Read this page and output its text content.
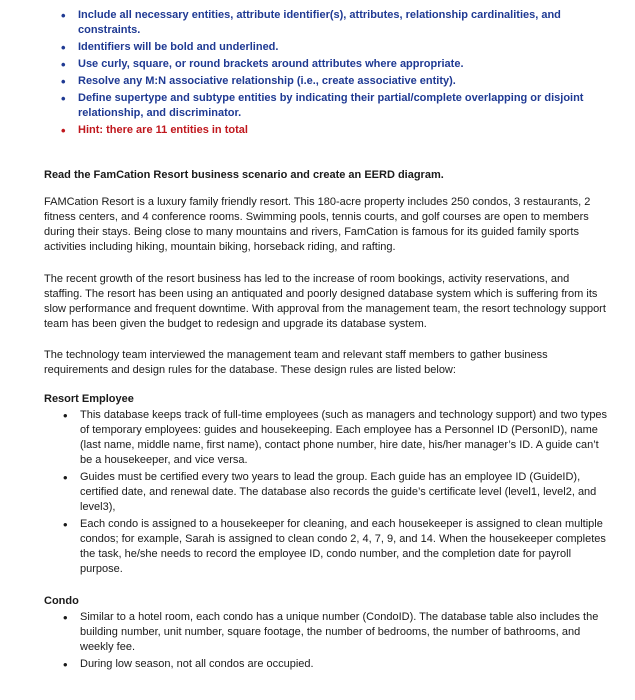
• Include all necessary entities, attribute identifier(s), attributes, relationship cardinalities, and constraints.
• Identifiers will be bold and underlined.
• Use curly, square, or round brackets around attributes where appropriate.
• Resolve any M:N associative relationship (i.e., create associative entity).
• Define supertype and subtype entities by indicating their partial/complete overlapping or disjoint relationship, and discriminator.
• Hint: there are 11 entities in total
Read the FamCation Resort business scenario and create an EERD diagram.
FAMCation Resort is a luxury family friendly resort. This 180-acre property includes 250 condos, 3 restaurants, 2 fitness centers, and 4 conference rooms. Swimming pools, tennis courts, and golf courses are open to members during their stays. Being close to many mountains and rivers, FamCation is famous for its guided family sports activities including hiking, mountain biking, horseback riding, and rafting.
The recent growth of the resort business has led to the increase of room bookings, activity reservations, and staffing. The resort has been using an antiquated and poorly designed database system which is suffering from its slow performance and frequent downtime. With approval from the management team, the resort technology support team has been given the budget to redesign and upgrade its database system.
The technology team interviewed the management team and relevant staff members to gather business requirements and design rules for the database. These design rules are listed below:
Resort Employee
• This database keeps track of full-time employees (such as managers and technology support) and two types of temporary employees: guides and housekeeping. Each employee has a Personnel ID (PersonID), name (last name, middle name, first name), contact phone number, hire date, his/her manager’s ID. A guide can’t be a housekeeper, and vice versa.
• Guides must be certified every two years to lead the group. Each guide has an employee ID (GuideID), certified date, and renewal date. The database also records the guide’s certificate level (level1, level2, and level3),
• Each condo is assigned to a housekeeper for cleaning, and each housekeeper is assigned to clean multiple condos; for example, Sarah is assigned to clean condo 2, 4, 7, 9, and 14. When the housekeeper completes the task, he/she needs to record the employee ID, condo number, and the completion date for payroll purpose.
Condo
• Similar to a hotel room, each condo has a unique number (CondoID). The database table also includes the building number, unit number, square footage, the number of bedrooms, the number of bathrooms, and weekly fee.
• During low season, not all condos are occupied.
